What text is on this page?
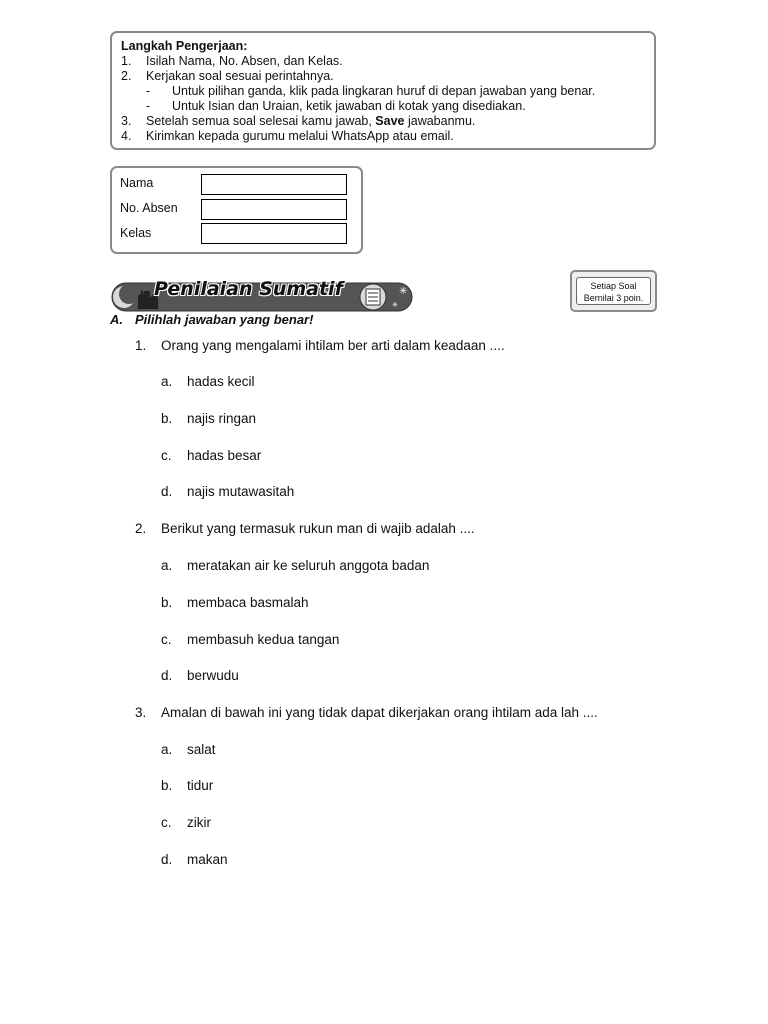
Langkah Pengerjaan:
1. Isilah Nama, No. Absen, dan Kelas.
2. Kerjakan soal sesuai perintahnya.
- Untuk pilihan ganda, klik pada lingkaran huruf di depan jawaban yang benar.
- Untuk Isian dan Uraian, ketik jawaban di kotak yang disediakan.
3. Setelah semua soal selesai kamu jawab, Save jawabanmu.
4. Kirimkan kepada gurumu melalui WhatsApp atau email.
Nama
No. Absen
Kelas
✳
✳
Penilaian Sumatif	Setiap Soal
Bernilai 3 poin.
A. Pilihlah jawaban yang benar!
1. Orang yang mengalami ihtilam ber arti dalam keadaan ....
a. hadas kecil
b. najis ringan
c. hadas besar
d. najis mutawasitah
2. Berikut yang termasuk rukun man di wajib adalah ....
a. meratakan air ke seluruh anggota badan
b. membaca basmalah
c. membasuh kedua tangan
d. berwudu
3. Amalan di bawah ini yang tidak dapat dikerjakan orang ihtilam ada lah ....
a. salat
b. tidur
c. zikir
d. makan
